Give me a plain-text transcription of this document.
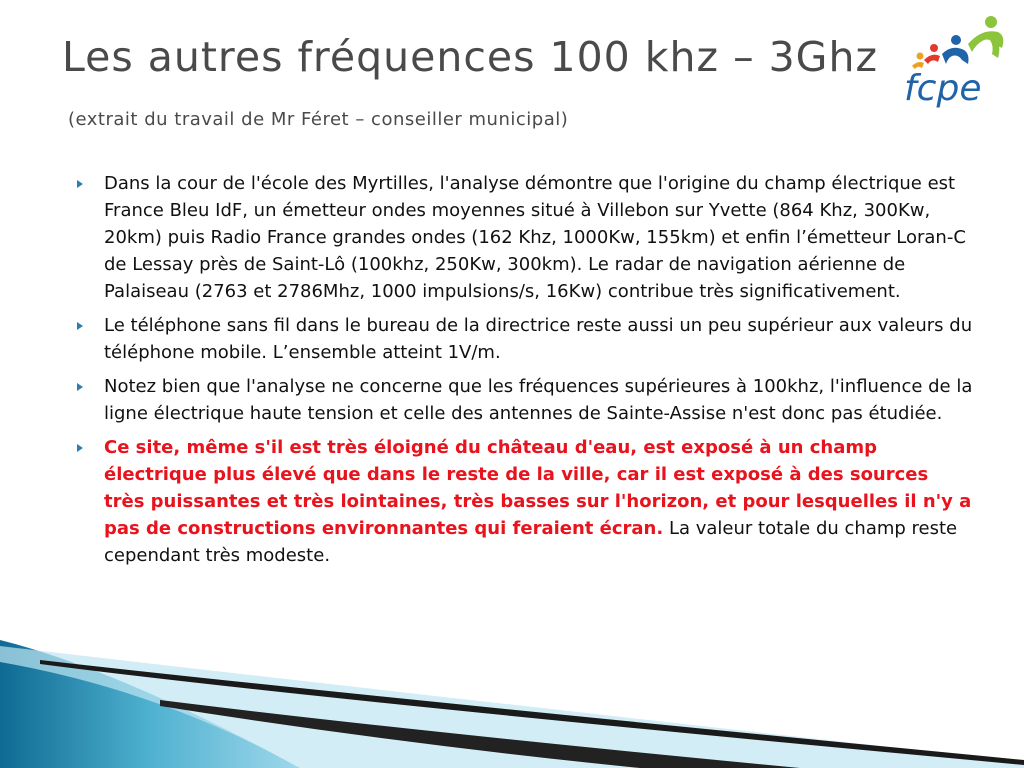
Les autres fréquences 100 khz – 3Ghz (extrait du travail de Mr Féret – conseiller municipal)
fcpe
Dans la cour de l'école des Myrtilles, l'analyse démontre que l'origine du champ électrique est France Bleu IdF, un émetteur ondes moyennes situé à Villebon sur Yvette (864 Khz, 300Kw, 20km) puis Radio France grandes ondes (162 Khz, 1000Kw, 155km) et enfin l’émetteur Loran-C de Lessay près de Saint-Lô (100khz, 250Kw, 300km). Le radar de navigation aérienne de Palaiseau (2763 et 2786Mhz, 1000 impulsions/s, 16Kw) contribue très significativement.
Le téléphone sans fil dans le bureau de la directrice reste aussi un peu supérieur aux valeurs du téléphone mobile. L’ensemble atteint 1V/m.
Notez bien que l'analyse ne concerne que les fréquences supérieures à 100khz, l'influence de la ligne électrique haute tension et celle des antennes de Sainte-Assise n'est donc pas étudiée.
Ce site, même s'il est très éloigné du château d'eau, est exposé à un champ électrique plus élevé que dans le reste de la ville, car il est exposé à des sources très puissantes et très lointaines, très basses sur l'horizon, et pour lesquelles il n'y a pas de constructions environnantes qui feraient écran. La valeur totale du champ reste cependant très modeste.
